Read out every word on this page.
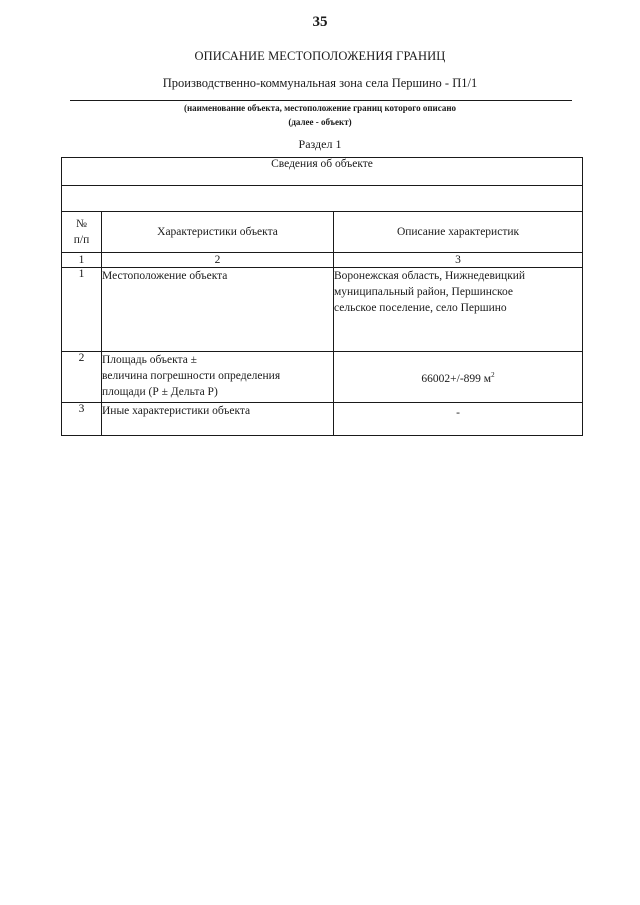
35
ОПИСАНИЕ МЕСТОПОЛОЖЕНИЯ ГРАНИЦ
Производственно-коммунальная зона села Першино - П1/1
(наименование объекта, местоположение границ которого описано
(далее - объект)
Раздел 1
Сведения об объекте		

№
п/п	Характеристики объекта	Описание характеристик
1	2	3
1	Местоположение объекта	Воронежская область, Нижнедевицкий
муниципальный район, Першинское
сельское поселение, село Першино
2	Площадь объекта ±
величина погрешности определения
площади (Р ± Дельта Р)	66002+/-899 $м^2$
3	Иные характеристики объекта	-
